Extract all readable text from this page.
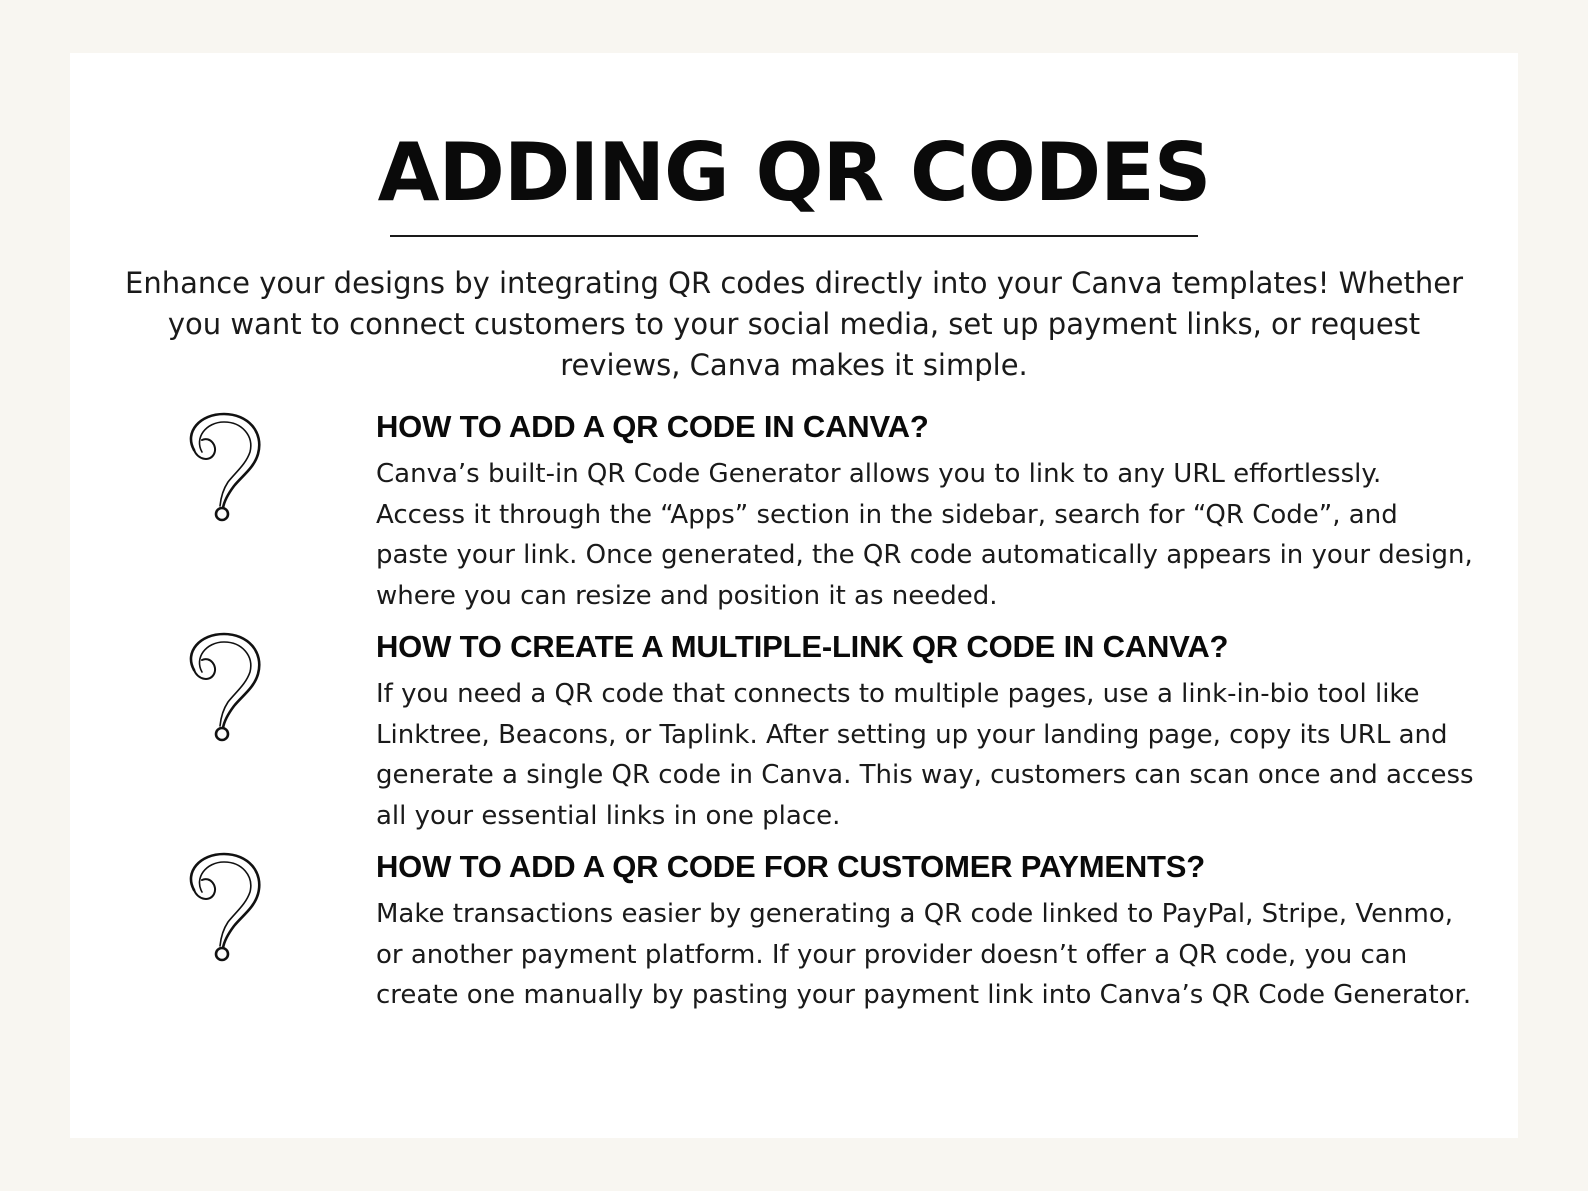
ADDING QR CODES

Enhance your designs by integrating QR codes directly into your Canva templates! Whether you want to connect customers to your social media, set up payment links, or request reviews, Canva makes it simple.

HOW TO ADD A QR CODE IN CANVA?

Canva’s built-in QR Code Generator allows you to link to any URL effortlessly. Access it through the “Apps” section in the sidebar, search for “QR Code”, and paste your link. Once generated, the QR code automatically appears in your design, where you can resize and position it as needed.

HOW TO CREATE A MULTIPLE-LINK QR CODE IN CANVA?

If you need a QR code that connects to multiple pages, use a link-in-bio tool like Linktree, Beacons, or Taplink. After setting up your landing page, copy its URL and generate a single QR code in Canva. This way, customers can scan once and access all your essential links in one place.

HOW TO ADD A QR CODE FOR CUSTOMER PAYMENTS?

Make transactions easier by generating a QR code linked to PayPal, Stripe, Venmo, or another payment platform. If your provider doesn’t offer a QR code, you can create one manually by pasting your payment link into Canva’s QR Code Generator.
